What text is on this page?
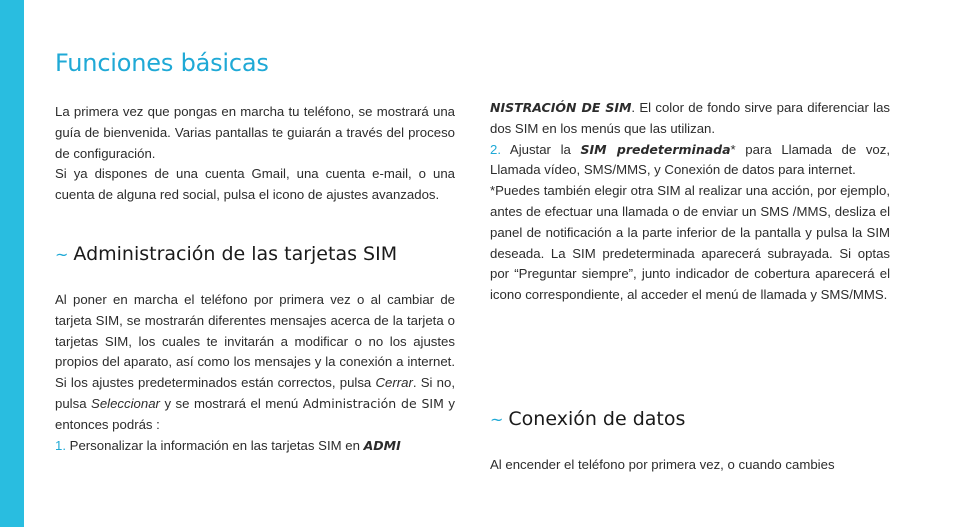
Funciones básicas

La primera vez que pongas en marcha tu teléfono, se mostrará una guía de bienvenida. Varias pantallas te guiarán a través del proceso de configuración.

Si ya dispones de una cuenta Gmail, una cuenta e-mail, o una cuenta de alguna red social, pulsa el icono de ajustes avanzados.

~ Administración de las tarjetas SIM

Al poner en marcha el teléfono por primera vez o al cambiar de tarjeta SIM, se mostrarán diferentes mensajes acerca de la tarjeta o tarjetas SIM, los cuales te invitarán a modificar o no los ajustes propios del aparato, así como los mensajes y la conexión a internet. Si los ajustes predeterminados están correctos, pulsa Cerrar. Si no, pulsa Seleccionar y se mostrará el menú Administración de SIM y entonces podrás :

1. Personalizar la información en las tarjetas SIM en ADMI

NISTRACIÓN DE SIM. El color de fondo sirve para diferenciar las dos SIM en los menús que las utilizan.

2. Ajustar la SIM predeterminada* para Llamada de voz, Llamada vídeo, SMS/MMS, y Conexión de datos para internet.

*Puedes también elegir otra SIM al realizar una acción, por ejemplo, antes de efectuar una llamada o de enviar un SMS /MMS, desliza el panel de notificación a la parte inferior de la pantalla y pulsa la SIM deseada. La SIM predeterminada aparecerá subrayada. Si optas por “Preguntar siempre”, junto indicador de cobertura aparecerá el icono correspondiente, al acceder el menú de llamada y SMS/MMS.

~ Conexión de datos

Al encender el teléfono por primera vez, o cuando cambies
